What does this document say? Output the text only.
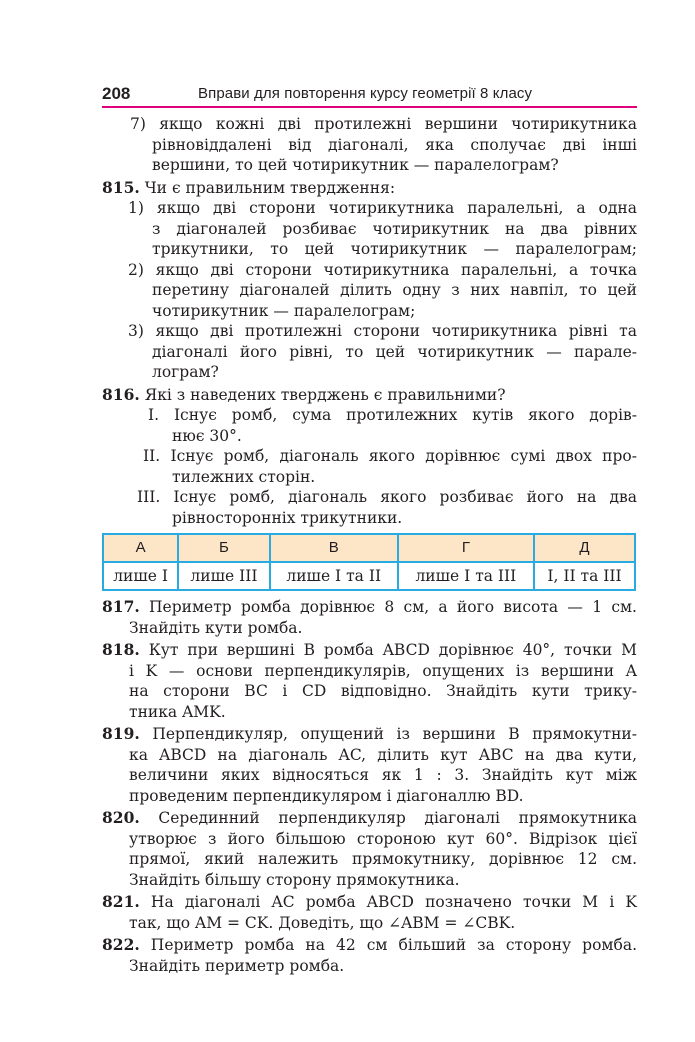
208	Вправи для повторення курсу геометрії 8 класу
7) якщо кожні дві протилежні вершини чотирикутника
рівновіддалені від діагоналі, яка сполучає дві інші
вершини, то цей чотирикутник — паралелограм?
815. Чи є правильним твердження:
1) якщо дві сторони чотирикутника паралельні, а одна
з діагоналей розбиває чотирикутник на два рівних
трикутники, то цей чотирикутник — паралелограм;
2) якщо дві сторони чотирикутника паралельні, а точка
перетину діагоналей ділить одну з них навпіл, то цей
чотирикутник — паралелограм;
3) якщо дві протилежні сторони чотирикутника рівні та
діагоналі його рівні, то цей чотирикутник — парале-
лограм?
816. Які з наведених тверджень є правильними?
I. Існує ромб, сума протилежних кутів якого дорів-
нює 30°.
II. Існує ромб, діагональ якого дорівнює сумі двох про-
тилежних сторін.
III. Існує ромб, діагональ якого розбиває його на два
рівносторонніх трикутники.
А	Б	В	Г	Д
лише I	лише III	лише I та II	лише I та III	I, II та III
817. Периметр ромба дорівнює 8 см, а його висота — 1 см.
Знайдіть кути ромба.
818. Кут при вершині B ромба ABCD дорівнює 40°, точки M
і K — основи перпендикулярів, опущених із вершини A
на сторони BC і CD відповідно. Знайдіть кути трику-
тника AMK.
819. Перпендикуляр, опущений із вершини B прямокутни-
ка ABCD на діагональ AC, ділить кут ABC на два кути,
величини яких відносяться як 1 : 3. Знайдіть кут між
проведеним перпендикуляром і діагоналлю BD.
820. Серединний перпендикуляр діагоналі прямокутника
утворює з його більшою стороною кут 60°. Відрізок цієї
прямої, який належить прямокутнику, дорівнює 12 см.
Знайдіть більшу сторону прямокутника.
821. На діагоналі AC ромба ABCD позначено точки M і K
так, що AM = CK. Доведіть, що ∠ABM = ∠CBK.
822. Периметр ромба на 42 см більший за сторону ромба.
Знайдіть периметр ромба.
